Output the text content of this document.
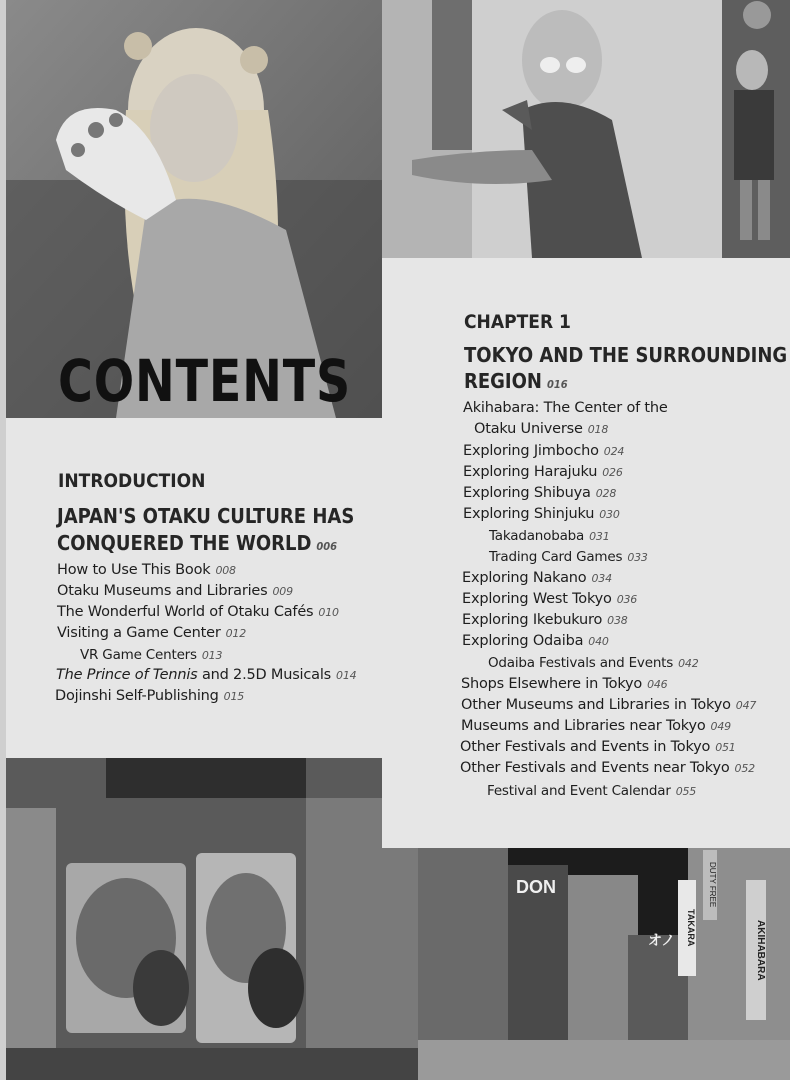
DON
オノ
CONTENTS
INTRODUCTION
JAPAN'S OTAKU CULTURE HAS
CONQUERED THE WORLD 006
How to Use This Book 008
Otaku Museums and Libraries 009
The Wonderful World of Otaku Cafés 010
Visiting a Game Center 012
VR Game Centers 013
The Prince of Tennis and 2.5D Musicals 014
Dojinshi Self-Publishing 015
CHAPTER 1
TOKYO AND THE SURROUNDING
REGION 016
Akihabara: The Center of the
Otaku Universe 018
Exploring Jimbocho 024
Exploring Harajuku 026
Exploring Shibuya 028
Exploring Shinjuku 030
Takadanobaba 031
Trading Card Games 033
Exploring Nakano 034
Exploring West Tokyo 036
Exploring Ikebukuro 038
Exploring Odaiba 040
Odaiba Festivals and Events 042
Shops Elsewhere in Tokyo 046
Other Museums and Libraries in Tokyo 047
Museums and Libraries near Tokyo 049
Other Festivals and Events in Tokyo 051
Other Festivals and Events near Tokyo 052
Festival and Event Calendar 055
TAKARA	AKIHABARA
DUTY FREE
